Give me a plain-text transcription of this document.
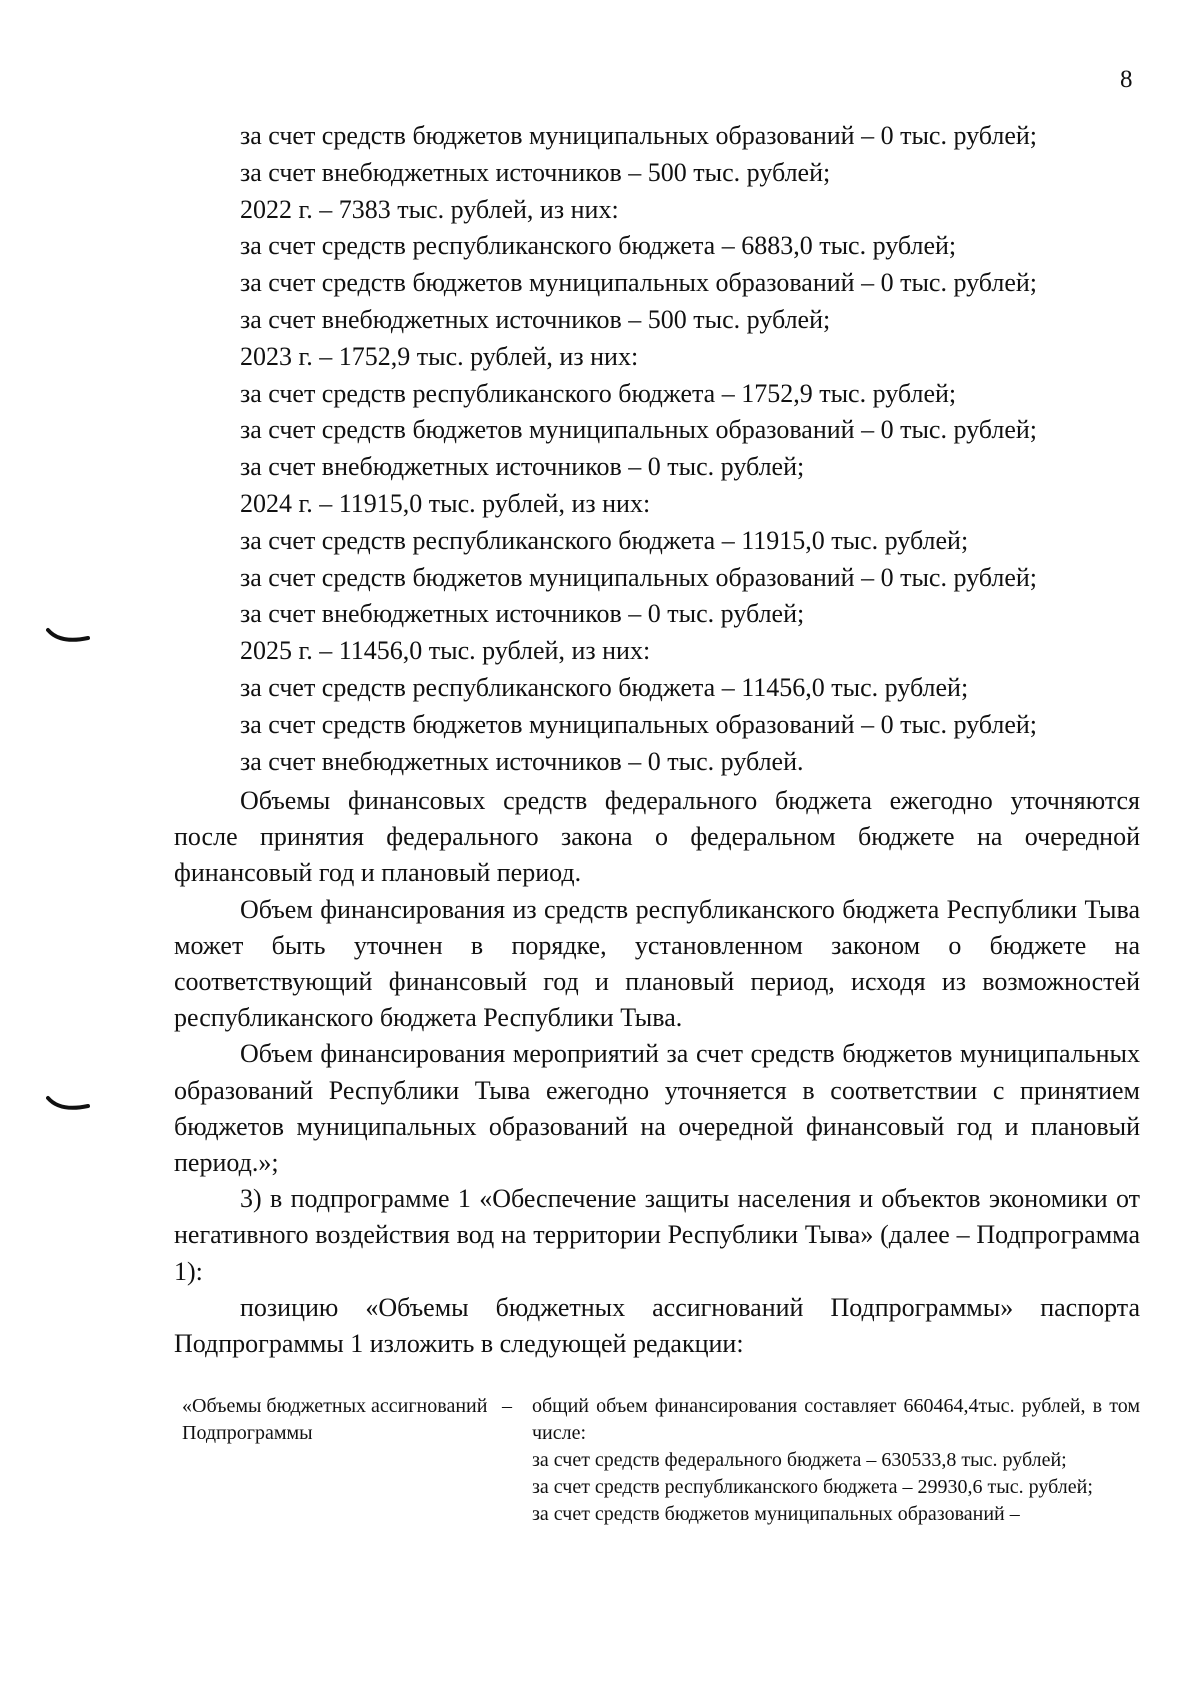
8
за счет средств бюджетов муниципальных образований – 0 тыс. рублей;
за счет внебюджетных источников – 500 тыс. рублей;
2022 г. – 7383 тыс. рублей, из них:
за счет средств республиканского бюджета – 6883,0 тыс. рублей;
за счет средств бюджетов муниципальных образований – 0 тыс. рублей;
за счет внебюджетных источников – 500 тыс. рублей;
2023 г. – 1752,9 тыс. рублей, из них:
за счет средств республиканского бюджета – 1752,9 тыс. рублей;
за счет средств бюджетов муниципальных образований – 0 тыс. рублей;
за счет внебюджетных источников – 0 тыс. рублей;
2024 г. – 11915,0 тыс. рублей, из них:
за счет средств республиканского бюджета – 11915,0 тыс. рублей;
за счет средств бюджетов муниципальных образований – 0 тыс. рублей;
за счет внебюджетных источников – 0 тыс. рублей;
2025 г. – 11456,0 тыс. рублей, из них:
за счет средств республиканского бюджета – 11456,0 тыс. рублей;
за счет средств бюджетов муниципальных образований – 0 тыс. рублей;
за счет внебюджетных источников – 0 тыс. рублей.

Объемы финансовых средств федерального бюджета ежегодно уточняются после принятия федерального закона о федеральном бюджете на очередной финансовый год и плановый период.

Объем финансирования из средств республиканского бюджета Республики Тыва может быть уточнен в порядке, установленном законом о бюджете на соответствующий финансовый год и плановый период, исходя из возможностей республиканского бюджета Республики Тыва.

Объем финансирования мероприятий за счет средств бюджетов муниципальных образований Республики Тыва ежегодно уточняется в соответствии с принятием бюджетов муниципальных образований на очередной финансовый год и плановый период.»;

3) в подпрограмме 1 «Обеспечение защиты населения и объектов экономики от негативного воздействия вод на территории Республики Тыва» (далее – Подпрограмма 1):

позицию «Объемы бюджетных ассигнований Подпрограммы» паспорта Подпрограммы 1 изложить в следующей редакции:

«Объемы бюджетных ассигнований Подпрограммы
–	общий объем финансирования составляет 660464,4тыс. рублей, в том числе:
за счет средств федерального бюджета – 630533,8 тыс. рублей;
за счет средств республиканского бюджета – 29930,6 тыс. рублей;
за счет средств бюджетов муниципальных образований –
